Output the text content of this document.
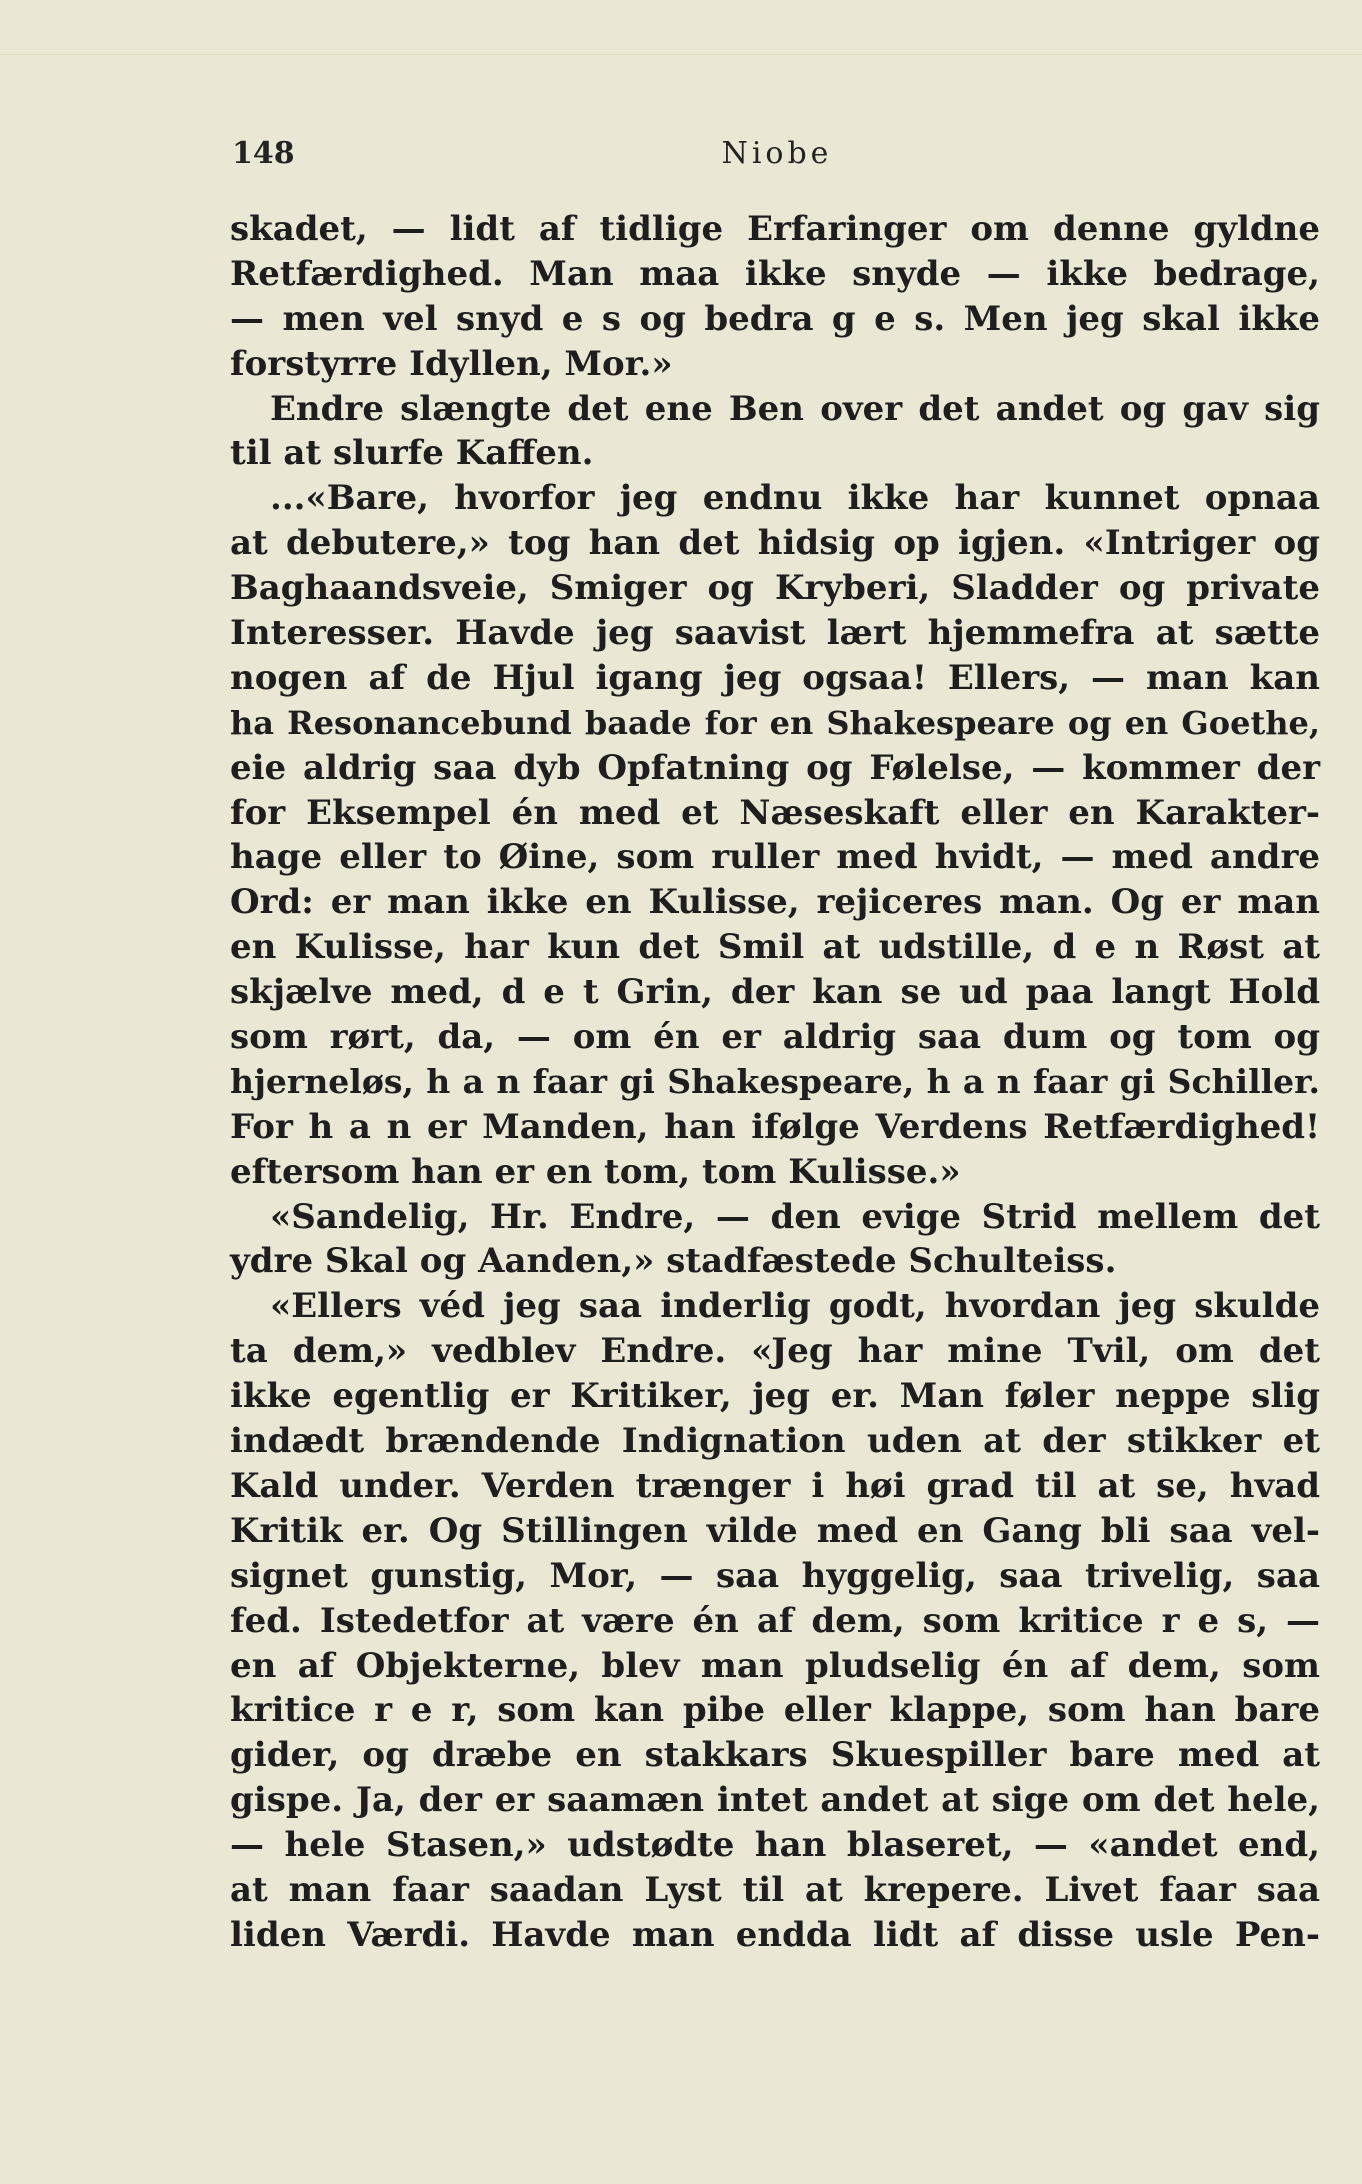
148	Niobe
skadet, — lidt af tidlige Erfaringer om denne gyldne
Retfærdighed. Man maa ikke snyde — ikke bedrage,
— men vel snyd e s og bedra g e s. Men jeg skal ikke
forstyrre Idyllen, Mor.»
Endre slængte det ene Ben over det andet og gav sig
til at slurfe Kaffen.
...«Bare, hvorfor jeg endnu ikke har kunnet opnaa
at debutere,» tog han det hidsig op igjen. «Intriger og
Baghaandsveie, Smiger og Kryberi, Sladder og private
Interesser. Havde jeg saavist lært hjemmefra at sætte
nogen af de Hjul igang jeg ogsaa! Ellers, — man kan
ha Resonancebund baade for en Shakespeare og en Goethe,
eie aldrig saa dyb Opfatning og Følelse, — kommer der
for Eksempel én med et Næseskaft eller en Karakter-
hage eller to Øine, som ruller med hvidt, — med andre
Ord: er man ikke en Kulisse, rejiceres man. Og er man
en Kulisse, har kun det Smil at udstille, d e n Røst at
skjælve med, d e t Grin, der kan se ud paa langt Hold
som rørt, da, — om én er aldrig saa dum og tom og
hjerneløs, h a n faar gi Shakespeare, h a n faar gi Schiller.
For h a n er Manden, han ifølge Verdens Retfærdighed!
eftersom han er en tom, tom Kulisse.»
«Sandelig, Hr. Endre, — den evige Strid mellem det
ydre Skal og Aanden,» stadfæstede Schulteiss.
«Ellers véd jeg saa inderlig godt, hvordan jeg skulde
ta dem,» vedblev Endre. «Jeg har mine Tvil, om det
ikke egentlig er Kritiker, jeg er. Man føler neppe slig
indædt brændende Indignation uden at der stikker et
Kald under. Verden trænger i høi grad til at se, hvad
Kritik er. Og Stillingen vilde med en Gang bli saa vel-
signet gunstig, Mor, — saa hyggelig, saa trivelig, saa
fed. Istedetfor at være én af dem, som kritice r e s, —
en af Objekterne, blev man pludselig én af dem, som
kritice r e r, som kan pibe eller klappe, som han bare
gider, og dræbe en stakkars Skuespiller bare med at
gispe. Ja, der er saamæn intet andet at sige om det hele,
— hele Stasen,» udstødte han blaseret, — «andet end,
at man faar saadan Lyst til at krepere. Livet faar saa
liden Værdi. Havde man endda lidt af disse usle Pen-
